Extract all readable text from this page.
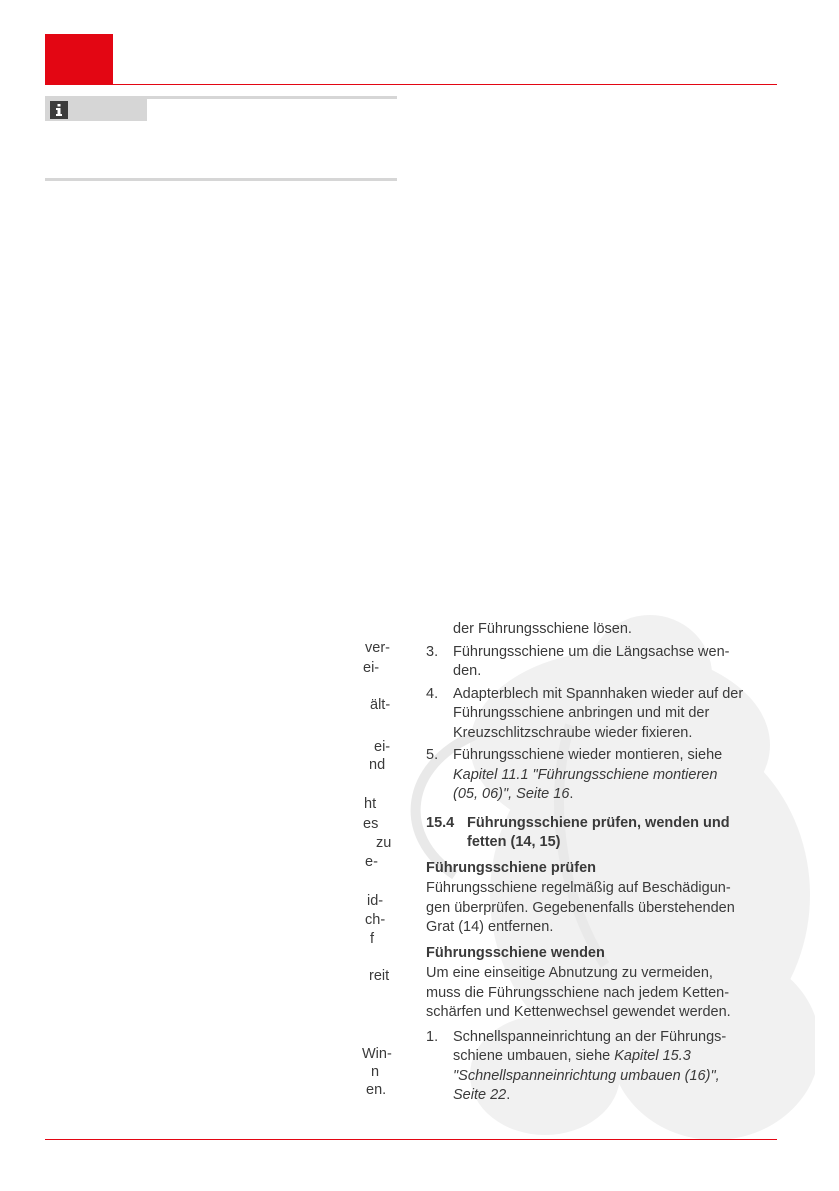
ver-
ei-
ält-
ei-
nd
ht
es
zu
e-
id-
ch-
f
reit
Win-
n
en.
der Führungsschiene lösen.
3. Führungsschiene um die Längsachse wen-
den.
4. Adapterblech mit Spannhaken wieder auf der
Führungsschiene anbringen und mit der
Kreuzschlitzschraube wieder fixieren.
5. Führungsschiene wieder montieren, siehe
Kapitel 11.1 "Führungsschiene montieren
(05, 06)", Seite 16.
15.4 Führungsschiene prüfen, wenden und
fetten (14, 15)
Führungsschiene prüfen
Führungsschiene regelmäßig auf Beschädigun-
gen überprüfen. Gegebenenfalls überstehenden
Grat (14) entfernen.
Führungsschiene wenden
Um eine einseitige Abnutzung zu vermeiden,
muss die Führungsschiene nach jedem Ketten-
schärfen und Kettenwechsel gewendet werden.
1. Schnellspanneinrichtung an der Führungs-
schiene umbauen, siehe Kapitel 15.3
"Schnellspanneinrichtung umbauen (16)",
Seite 22.
